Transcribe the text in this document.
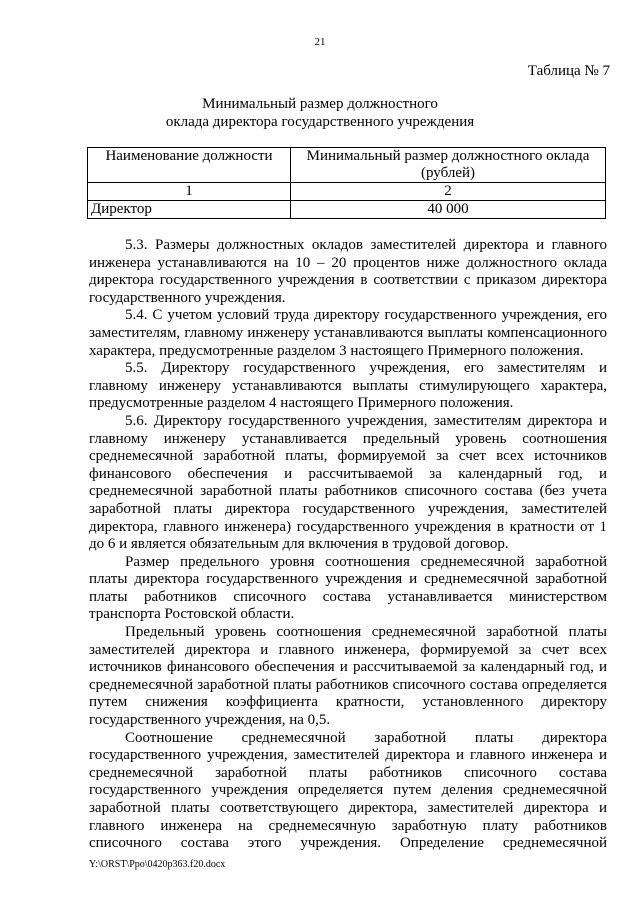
21
Таблица № 7
Минимальный размер должностного
оклада директора государственного учреждения
Наименование должности	Минимальный размер должностного оклада (рублей)
1	2
Директор	40 000

5.3. Размеры должностных окладов заместителей директора и главного инженера устанавливаются на 10 – 20 процентов ниже должностного оклада директора государственного учреждения в соответствии с приказом директора государственного учреждения.

5.4. С учетом условий труда директору государственного учреждения, его заместителям, главному инженеру устанавливаются выплаты компенсационного характера, предусмотренные разделом 3 настоящего Примерного положения.

5.5. Директору государственного учреждения, его заместителям и главному инженеру устанавливаются выплаты стимулирующего характера, предусмотренные разделом 4 настоящего Примерного положения.

5.6. Директору государственного учреждения, заместителям директора и главному инженеру устанавливается предельный уровень соотношения среднемесячной заработной платы, формируемой за счет всех источников финансового обеспечения и рассчитываемой за календарный год, и среднемесячной заработной платы работников списочного состава (без учета заработной платы директора государственного учреждения, заместителей директора, главного инженера) государственного учреждения в кратности от 1 до 6 и является обязательным для включения в трудовой договор.

Размер предельного уровня соотношения среднемесячной заработной платы директора государственного учреждения и среднемесячной заработной платы работников списочного состава устанавливается министерством транспорта Ростовской области.

Предельный уровень соотношения среднемесячной заработной платы заместителей директора и главного инженера, формируемой за счет всех источников финансового обеспечения и рассчитываемой за календарный год, и среднемесячной заработной платы работников списочного состава определяется путем снижения коэффициента кратности, установленного директору государственного учреждения, на 0,5.

Соотношение среднемесячной заработной платы директора государственного учреждения, заместителей директора и главного инженера и среднемесячной заработной платы работников списочного состава государственного учреждения определяется путем деления среднемесячной заработной платы соответствующего директора, заместителей директора и главного инженера на среднемесячную заработную плату работников списочного состава этого учреждения. Определение среднемесячной

Y:\ORST\Ppo\0420p363.f20.docx
